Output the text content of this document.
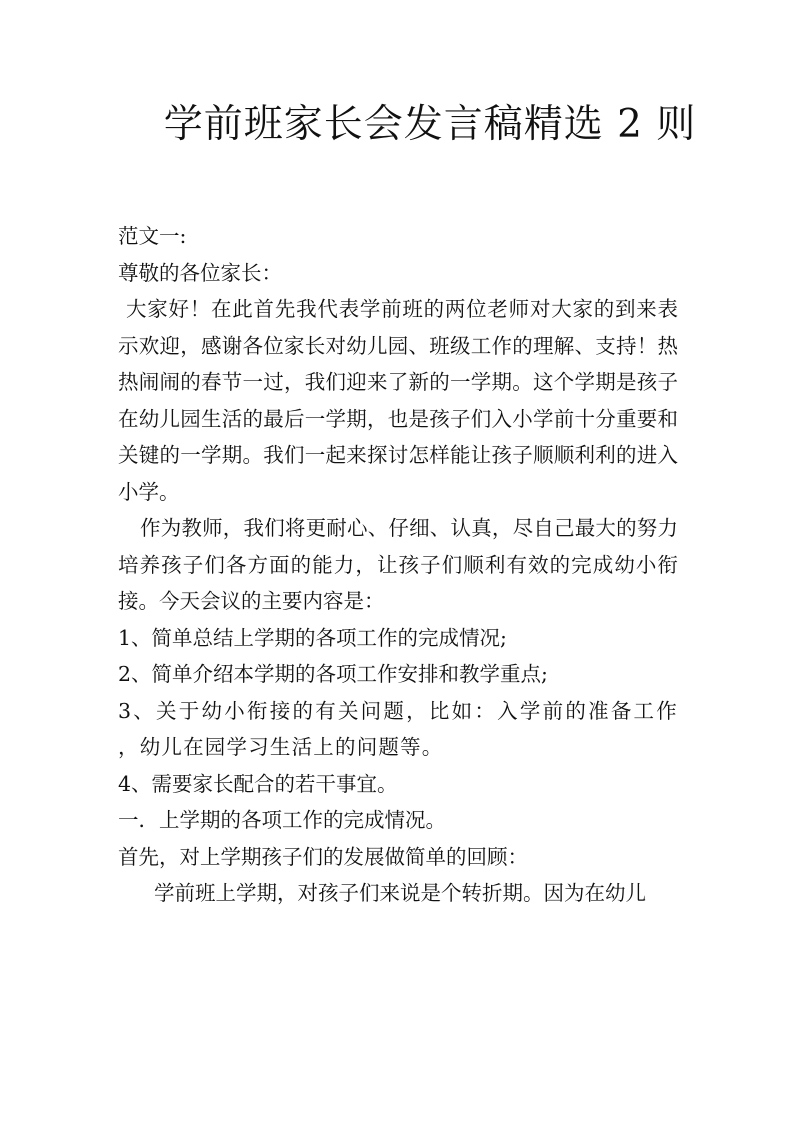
学前班家长会发言稿精选 2 则

范文一:

尊敬的各位家长：

大家好！在此首先我代表学前班的两位老师对大家的到来表示欢迎，感谢各位家长对幼儿园、班级工作的理解、支持！热热闹闹的春节一过，我们迎来了新的一学期。这个学期是孩子在幼儿园生活的最后一学期，也是孩子们入小学前十分重要和关键的一学期。我们一起来探讨怎样能让孩子顺顺利利的进入小学。

作为教师，我们将更耐心、仔细、认真，尽自己最大的努力培养孩子们各方面的能力，让孩子们顺利有效的完成幼小衔接。今天会议的主要内容是：

1、简单总结上学期的各项工作的完成情况;

2、简单介绍本学期的各项工作安排和教学重点;

3、关于幼小衔接的有关问题，比如：入学前的准备工作 ，幼儿在园学习生活上的问题等。

4、需要家长配合的若干事宜。

一．上学期的各项工作的完成情况。

首先，对上学期孩子们的发展做简单的回顾：

学前班上学期，对孩子们来说是个转折期。因为在幼儿
